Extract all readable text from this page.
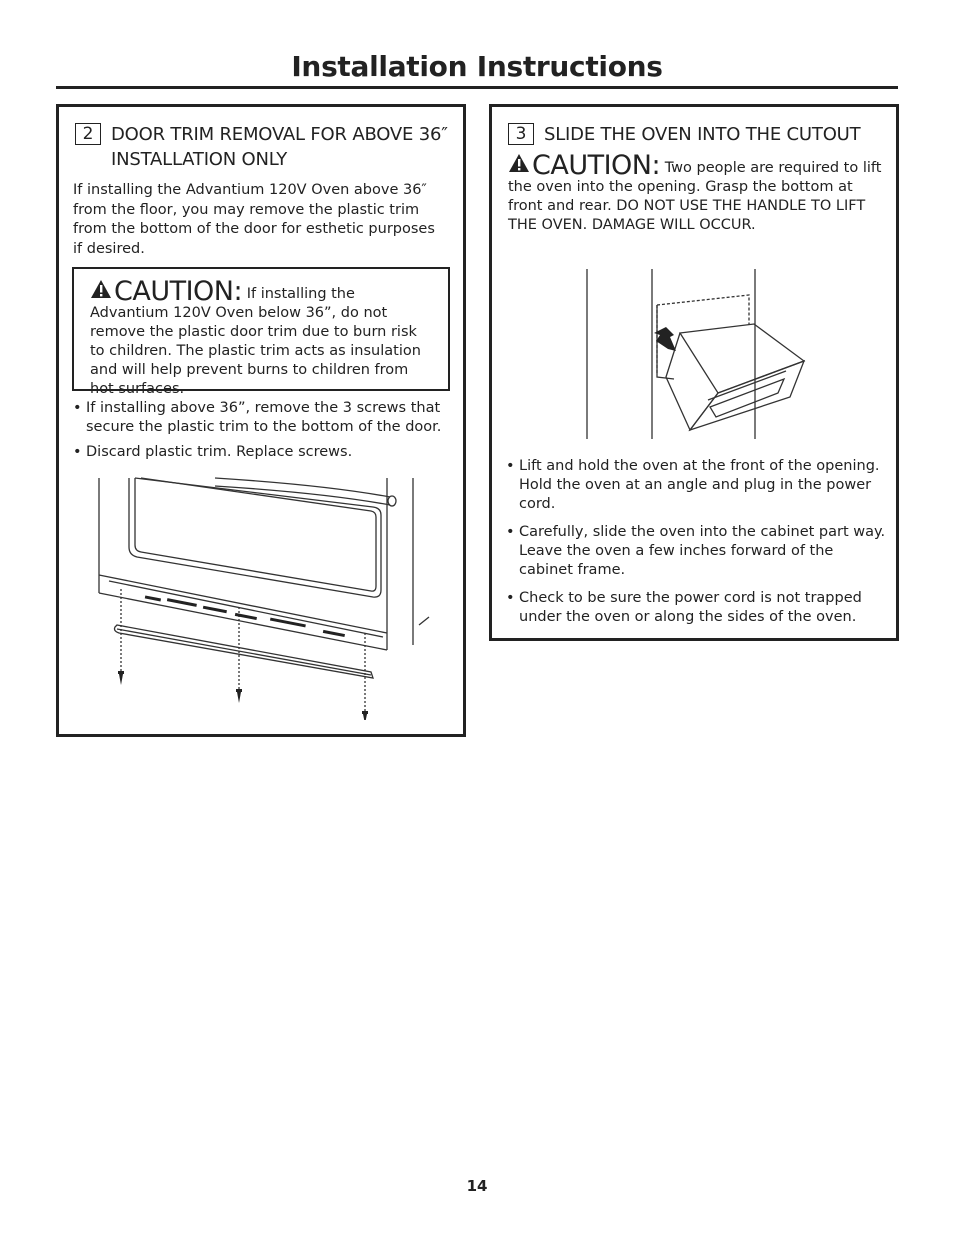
Installation Instructions
2 DOOR TRIM REMOVAL FOR ABOVE 36″ INSTALLATION ONLY
If installing the Advantium 120V Oven above 36″ from the floor, you may remove the plastic trim from the bottom of the door for esthetic purposes if desired.
CAUTION: If installing the Advantium 120V Oven below 36”, do not remove the plastic door trim due to burn risk to children. The plastic trim acts as insulation and will help prevent burns to children from hot surfaces.
• If installing above 36”, remove the 3 screws that secure the plastic trim to the bottom of the door.
• Discard plastic trim. Replace screws.
3 SLIDE THE OVEN INTO THE CUTOUT
CAUTION: Two people are required to lift the oven into the opening. Grasp the bottom at front and rear. DO NOT USE THE HANDLE TO LIFT THE OVEN. DAMAGE WILL OCCUR.
• Lift and hold the oven at the front of the opening. Hold the oven at an angle and plug in the power cord.
• Carefully, slide the oven into the cabinet part way. Leave the oven a few inches forward of the cabinet frame.
• Check to be sure the power cord is not trapped under the oven or along the sides of the oven.
14
